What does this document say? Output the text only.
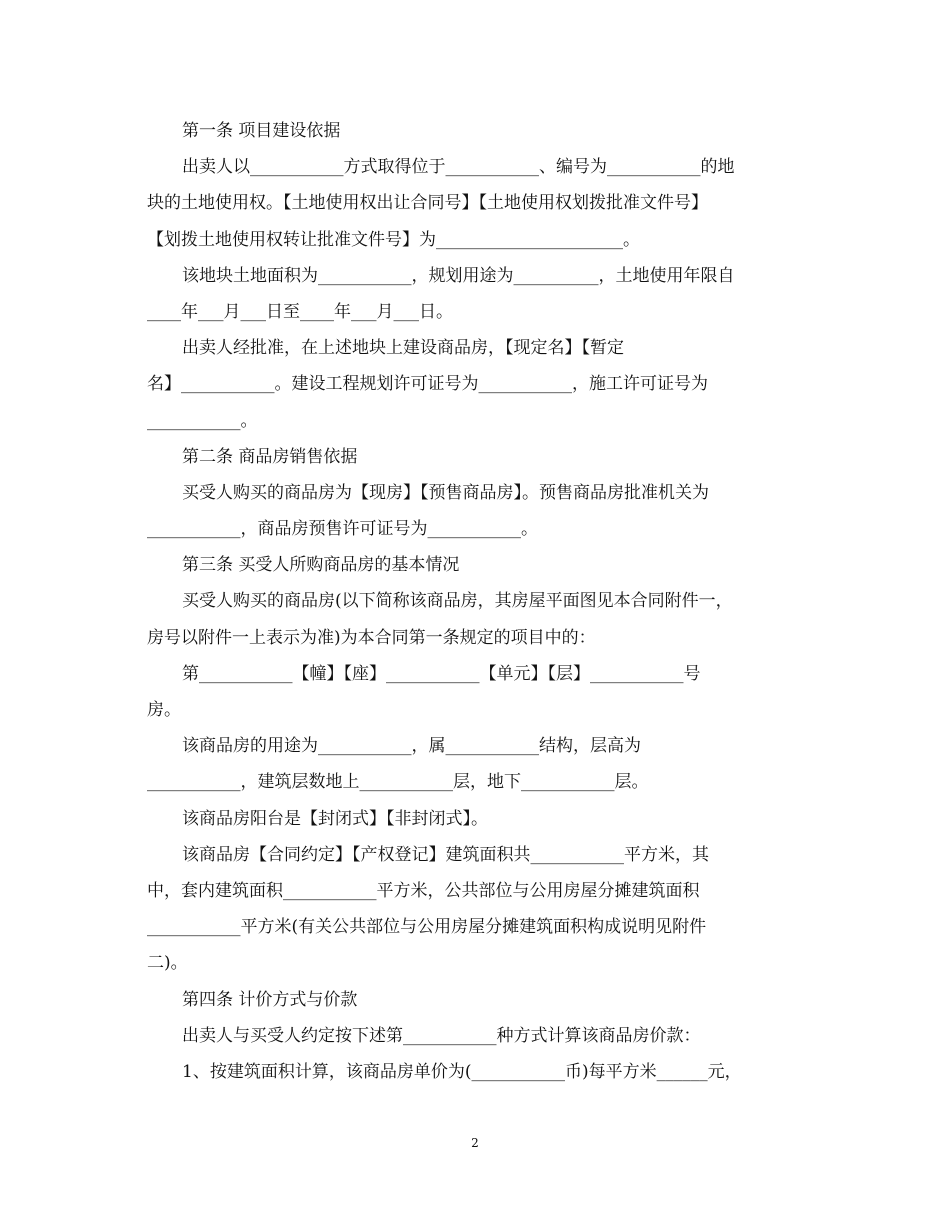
第一条 项目建设依据
出卖人以___________方式取得位于___________、编号为___________的地
块的土地使用权。【土地使用权出让合同号】【土地使用权划拨批准文件号】
【划拨土地使用权转让批准文件号】为______________________。
该地块土地面积为___________，规划用途为__________，土地使用年限自
____年___月___日至____年___月___日。
出卖人经批准，在上述地块上建设商品房，【现定名】【暂定
名】___________。建设工程规划许可证号为___________，施工许可证号为
___________。
第二条 商品房销售依据
买受人购买的商品房为【现房】【预售商品房】。预售商品房批准机关为
___________，商品房预售许可证号为___________。
第三条 买受人所购商品房的基本情况
买受人购买的商品房(以下简称该商品房，其房屋平面图见本合同附件一，
房号以附件一上表示为准)为本合同第一条规定的项目中的：
第___________【幢】【座】___________【单元】【层】___________号
房。
该商品房的用途为___________，属___________结构，层高为
___________，建筑层数地上___________层，地下___________层。
该商品房阳台是【封闭式】【非封闭式】。
该商品房【合同约定】【产权登记】建筑面积共___________平方米，其
中，套内建筑面积___________平方米，公共部位与公用房屋分摊建筑面积
___________平方米(有关公共部位与公用房屋分摊建筑面积构成说明见附件
二)。
第四条 计价方式与价款
出卖人与买受人约定按下述第___________种方式计算该商品房价款：
1、按建筑面积计算，该商品房单价为(___________币)每平方米______元，
2
